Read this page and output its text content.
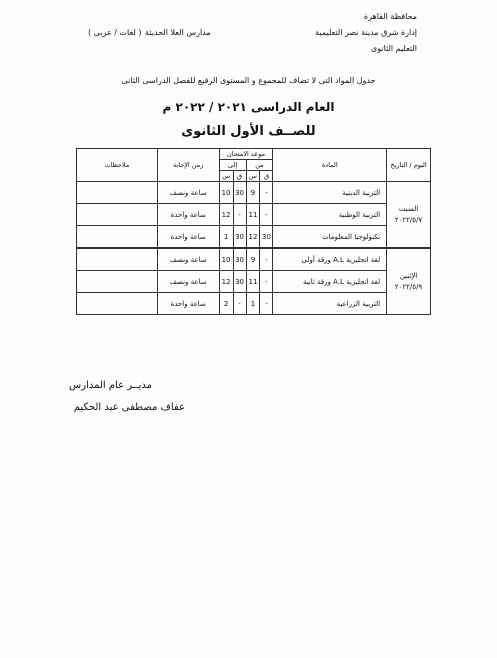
محافظة القاهرة
إدارة شرق مدينة نصر التعليمية
التعليم الثانوى
مدارس العلا الحديثة
( لغات / عربى )
جدول المواد التى لا تضاف للمجموع و المستوى الرفيع للفصل الدراسى الثانى
العام الدراسى ٢٠٢١ / ٢٠٢٢ م
للصــف الأول الثانوى
اليوم / التاريخ	المادة	موعد الامتحان				زمن الإجابة	ملاحظات
		من		إلى			
		ق	س	ق	س		

السبت
٢٠٢٢/٥/٧	التربية الدينية	-	9	30	10	ساعة ونصف	
	التربية الوطنية	-	11	-	12	ساعة واحدة	
	تكنولوجيا المعلومات	30	12	30	1	ساعة واحدة	

الإثنين
٢٠٢٢/٥/٩	لغة انجليزية A.L ورقة أولى	-	9	30	10	ساعة ونصف	
	لغة انجليزية A.L ورقة ثانية	-	11	30	12	ساعة ونصف	
	التربية الزراعية	-	1	-	2	ساعة واحدة	
مديــر عام المدارس
عفاف مصطفى عبد الحكيم
